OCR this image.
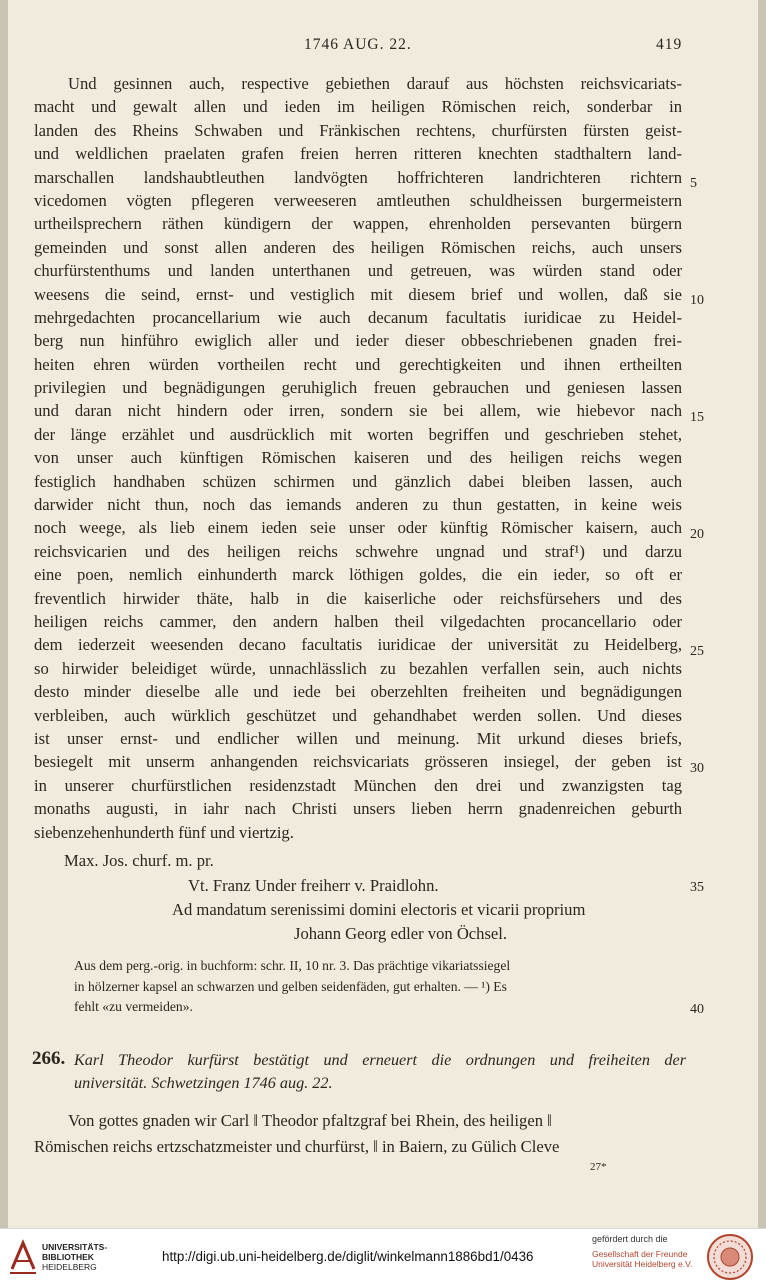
1746 AUG. 22.	419
Und gesinnen auch, respective gebiethen darauf aus höchsten reichsvicariats-
macht und gewalt allen und ieden im heiligen Römischen reich, sonderbar in
landen des Rheins Schwaben und Fränkischen rechtens, churfürsten fürsten geist-
und weldlichen praelaten grafen freien herren ritteren knechten stadthaltern land-
marschallen landshaubtleuthen landvögten hoffrichteren landrichteren richtern
vicedomen vögten pflegeren verweeseren amtleuthen schuldheissen burgermeistern
urtheilsprechern räthen kündigern der wappen, ehrenholden persevanten bürgern
gemeinden und sonst allen anderen des heiligen Römischen reichs, auch unsers
churfürstenthums und landen unterthanen und getreuen, was würden stand oder
weesens die seind, ernst- und vestiglich mit diesem brief und wollen, daß sie
mehrgedachten procancellarium wie auch decanum facultatis iuridicae zu Heidel-
berg nun hinführo ewiglich aller und ieder dieser obbeschriebenen gnaden frei-
heiten ehren würden vortheilen recht und gerechtigkeiten und ihnen ertheilten
privilegien und begnädigungen geruhiglich freuen gebrauchen und geniesen lassen
und daran nicht hindern oder irren, sondern sie bei allem, wie hiebevor nach
der länge erzählet und ausdrücklich mit worten begriffen und geschrieben stehet,
von unser auch künftigen Römischen kaiseren und des heiligen reichs wegen
festiglich handhaben schüzen schirmen und gänzlich dabei bleiben lassen, auch
darwider nicht thun, noch das iemands anderen zu thun gestatten, in keine weis
noch weege, als lieb einem ieden seie unser oder künftig Römischer kaisern, auch
reichsvicarien und des heiligen reichs schwehre ungnad und straf¹) und darzu
eine poen, nemlich einhunderth marck löthigen goldes, die ein ieder, so oft er
freventlich hirwider thäte, halb in die kaiserliche oder reichsfürsehers und des
heiligen reichs cammer, den andern halben theil vilgedachten procancellario oder
dem iederzeit weesenden decano facultatis iuridicae der universität zu Heidelberg,
so hirwider beleidiget würde, unnachlässlich zu bezahlen verfallen sein, auch nichts
desto minder dieselbe alle und iede bei oberzehlten freiheiten und begnädigungen
verbleiben, auch würklich geschützet und gehandhabet werden sollen. Und dieses
ist unser ernst- und endlicher willen und meinung. Mit urkund dieses briefs,
besiegelt mit unserm anhangenden reichsvicariats grösseren insiegel, der geben ist
in unserer churfürstlichen residenzstadt München den drei und zwanzigsten tag
monaths augusti, in iahr nach Christi unsers lieben herrn gnadenreichen geburth
siebenzehenhunderth fünf und viertzig.
5
10
15
20
25
30
35
40
Max. Jos. churf. m. pr.
Vt. Franz Under freiherr v. Praidlohn.
Ad mandatum serenissimi domini electoris et vicarii proprium
Johann Georg edler von Öchsel.
Aus dem perg.-orig. in buchform: schr. II, 10 nr. 3. Das prächtige vikariatssiegel
in hölzerner kapsel an schwarzen und gelben seidenfäden, gut erhalten. — ¹) Es
fehlt «zu vermeiden».
266. Karl Theodor kurfürst bestätigt und erneuert die ordnungen und freiheiten der
universität. Schwetzingen 1746 aug. 22.
Von gottes gnaden wir Carl ‖ Theodor pfaltzgraf bei Rhein, des heiligen ‖
Römischen reichs ertzschatzmeister und churfürst, ‖ in Baiern, zu Gülich Cleve
27*
UNIVERSITÄTS-
BIBLIOTHEK
HEIDELBERG
http://digi.ub.uni-heidelberg.de/diglit/winkelmann1886bd1/0436
gefördert durch die
Gesellschaft der Freunde
Universität Heidelberg e.V.
